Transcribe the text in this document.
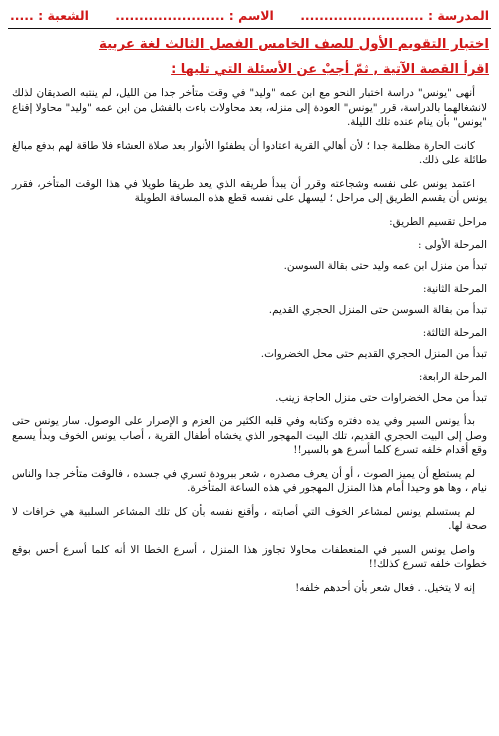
المدرسة : ..........................
الاسم : .......................
الشعبة : .....
اختبار التقويم الأول للصف الخامس الفصل الثالث لغة عربية
اقرأ القصة الآتية , ثمّ أجبْ عن الأسئلة التي تليها :
أنهى "يونس" دراسة اختبار النحو مع ابن عمه "وليد" في وقت متأخر جدا من الليل، لم ينتبه الصديقان لذلك لانشغالهما بالدراسة، قرر "يونس" العودة إلى منزله، بعد محاولات باءت بالفشل من ابن عمه "وليد" محاولا إقناع "يونس" بأن ينام عنده تلك الليلة.
كانت الحارة مظلمة جدا ؛ لأن أهالي القرية اعتادوا أن يطفئوا الأنوار بعد صلاة العشاء فلا طاقة لهم بدفع مبالغ طائلة على ذلك.
اعتمد يونس على نفسه وشجاعته وقرر أن يبدأ طريقه الذي يعد طريقا طويلا في هذا الوقت المتأخر، فقرر يونس أن يقسم الطريق إلى مراحل ؛ ليسهل على نفسه قطع هذه المسافة الطويلة
مراحل تقسيم الطريق:
المرحلة الأولى :
تبدأ من منزل ابن عمه وليد حتى بقالة السوسن.
المرحلة الثانية:
تبدأ من بقالة السوسن حتى المنزل الحجري القديم.
المرحلة الثالثة:
تبدأ من المنزل الحجري القديم حتى محل الخضروات.
المرحلة الرابعة:
تبدأ من محل الخضراوات حتى منزل الحاجة زينب.
بدأ يونس السير وفي يده دفتره وكتابه وفي قلبه الكثير من العزم و الإصرار على الوصول. سار يونس حتى وصل إلى البيت الحجري القديم، تلك البيت المهجور الذي يخشاه أطفال القرية ، أصاب يونس الخوف وبدأ يسمع وقع أقدام خلفه تسرع كلما أسرع هو بالسير!!
لم يستطع أن يميز الصوت ، أو أن يعرف مصدره ، شعر ببرودة تسري في جسده ، فالوقت متأخر جدا والناس نيام ، وها هو وحيدا أمام هذا المنزل المهجور في هذه الساعة المتأخرة.
لم يستسلم يونس لمشاعر الخوف التي أصابته ، وأقنع نفسه بأن كل تلك المشاعر السلبية هي خرافات لا صحة لها.
واصل يونس السير في المنعطفات محاولا تجاوز هذا المنزل ، أسرع الخطا الا أنه كلما أسرع أحس بوقع خطوات خلفه تسرع كذلك!!
إنه لا يتخيل. . فعال شعر بأن أحدهم خلفه!
